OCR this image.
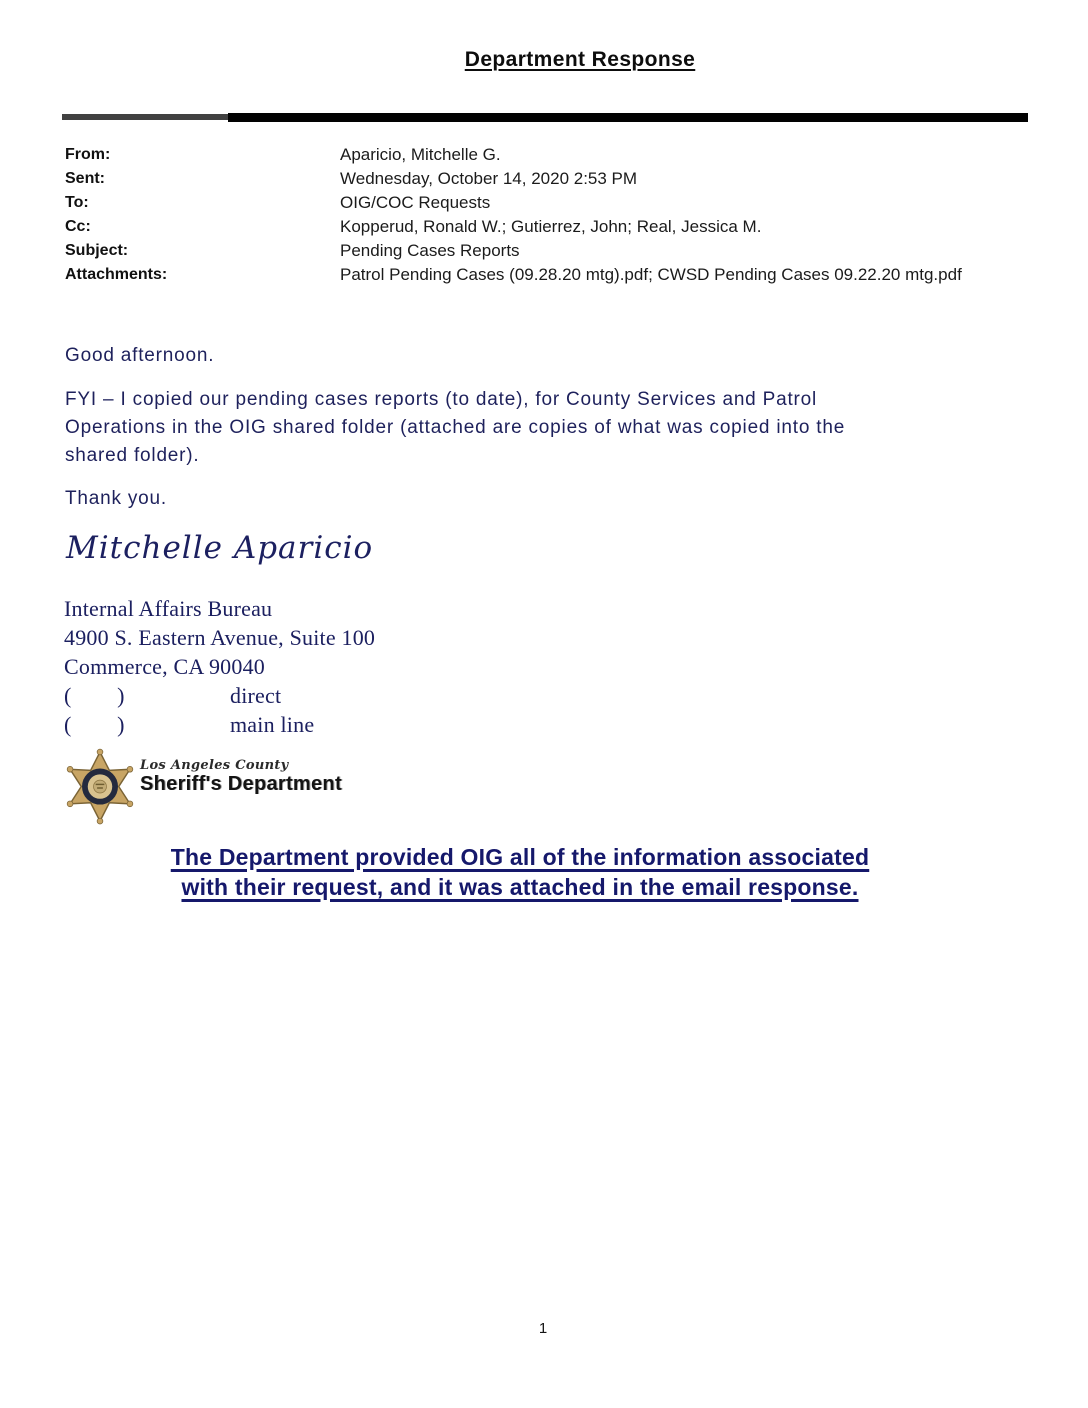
Department Response
From:	Aparicio, Mitchelle G.
Sent:	Wednesday, October 14, 2020 2:53 PM
To:	OIG/COC Requests
Cc:	Kopperud, Ronald W.; Gutierrez, John; Real, Jessica M.
Subject:	Pending Cases Reports
Attachments:	Patrol Pending Cases (09.28.20 mtg).pdf; CWSD Pending Cases 09.22.20 mtg.pdf
Good afternoon.
FYI – I copied our pending cases reports (to date), for County Services and Patrol
Operations in the OIG shared folder (attached are copies of what was copied into the
shared folder).
Thank you.
Mitchelle Aparicio
Internal Affairs Bureau
4900 S. Eastern Avenue, Suite 100
Commerce, CA 90040
(        )	direct
(        )	main line
Los Angeles County
Sheriff's Department
The Department provided OIG all of the information associated
with their request, and it was attached in the email response.
1
